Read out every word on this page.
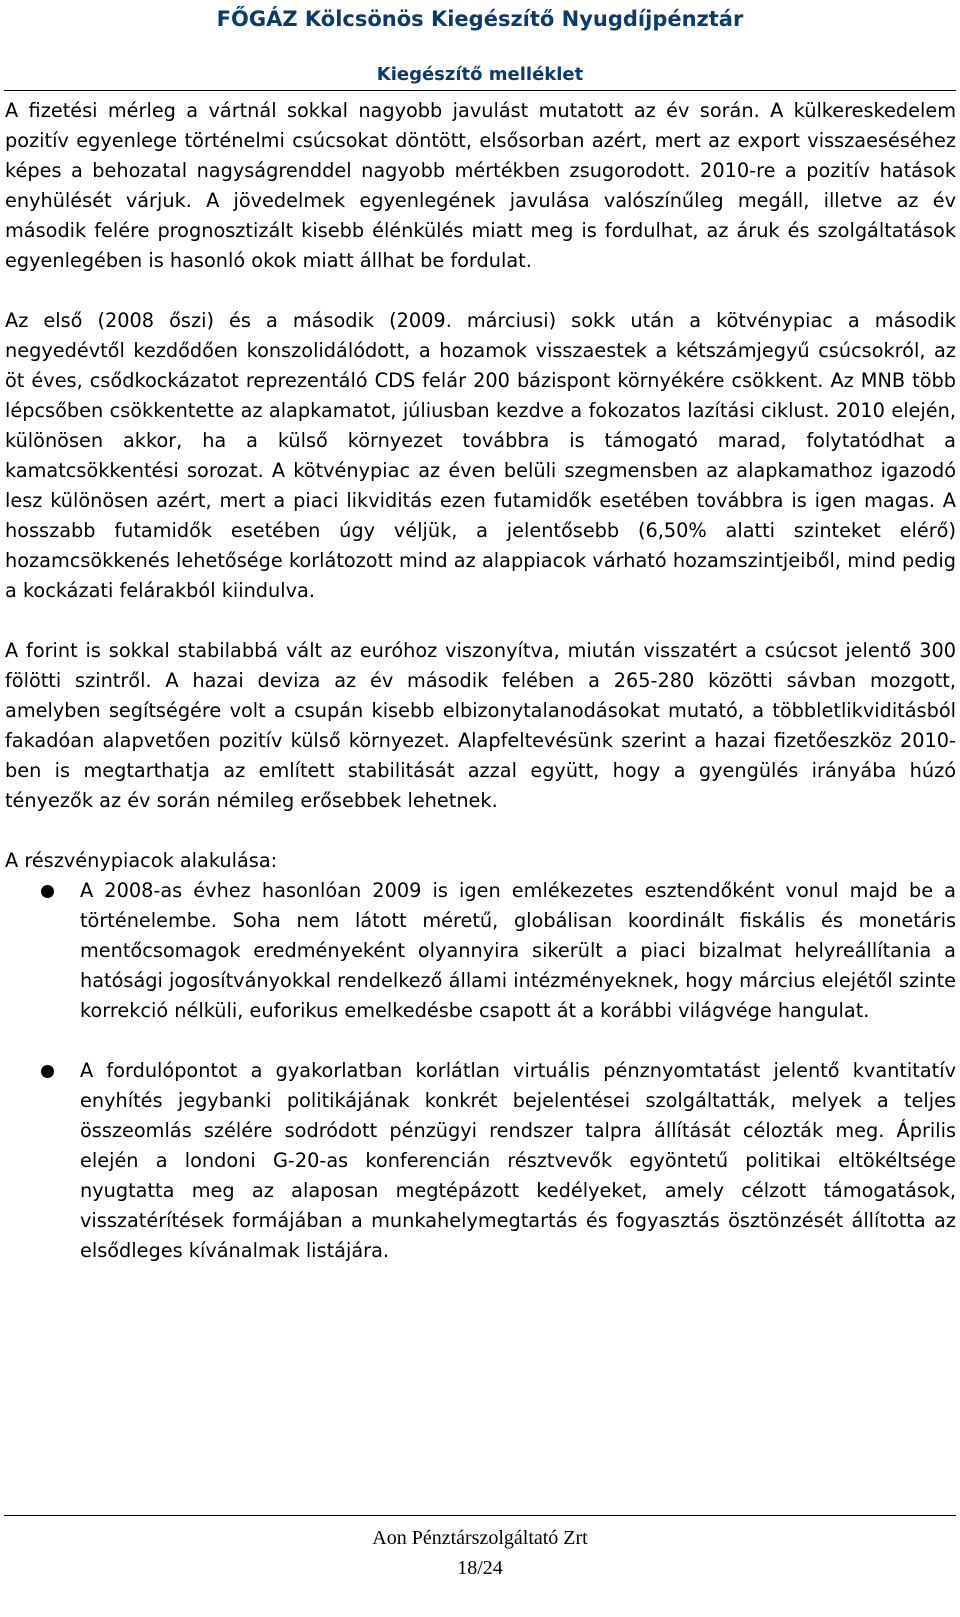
FŐGÁZ Kölcsönös Kiegészítő Nyugdíjpénztár
Kiegészítő melléklet

A fizetési mérleg a vártnál sokkal nagyobb javulást mutatott az év során. A külkereskedelem pozitív egyenlege történelmi csúcsokat döntött, elsősorban azért, mert az export visszaeséséhez képes a behozatal nagyságrenddel nagyobb mértékben zsugorodott. 2010-re a pozitív hatások enyhülését várjuk. A jövedelmek egyenlegének javulása valószínűleg megáll, illetve az év második felére prognosztizált kisebb élénkülés miatt meg is fordulhat, az áruk és szolgáltatások egyenlegében is hasonló okok miatt állhat be fordulat.

Az első (2008 őszi) és a második (2009. márciusi) sokk után a kötvénypiac a második negyedévtől kezdődően konszolidálódott, a hozamok visszaestek a kétszámjegyű csúcsokról, az öt éves, csődkockázatot reprezentáló CDS felár 200 bázispont környékére csökkent. Az MNB több lépcsőben csökkentette az alapkamatot, júliusban kezdve a fokozatos lazítási ciklust. 2010 elején, különösen akkor, ha a külső környezet továbbra is támogató marad, folytatódhat a kamatcsökkentési sorozat. A kötvénypiac az éven belüli szegmensben az alapkamathoz igazodó lesz különösen azért, mert a piaci likviditás ezen futamidők esetében továbbra is igen magas. A hosszabb futamidők esetében úgy véljük, a jelentősebb (6,50% alatti szinteket elérő) hozamcsökkenés lehetősége korlátozott mind az alappiacok várható hozamszintjeiből, mind pedig a kockázati felárakból kiindulva.

A forint is sokkal stabilabbá vált az euróhoz viszonyítva, miután visszatért a csúcsot jelentő 300 fölötti szintről. A hazai deviza az év második felében a 265-280 közötti sávban mozgott, amelyben segítségére volt a csupán kisebb elbizonytalanodásokat mutató, a többletlikviditásból fakadóan alapvetően pozitív külső környezet. Alapfeltevésünk szerint a hazai fizetőeszköz 2010-ben is megtarthatja az említett stabilitását azzal együtt, hogy a gyengülés irányába húzó tényezők az év során némileg erősebbek lehetnek.

A részvénypiacok alakulása:

A 2008-as évhez hasonlóan 2009 is igen emlékezetes esztendőként vonul majd be a történelembe. Soha nem látott méretű, globálisan koordinált fiskális és monetáris mentőcsomagok eredményeként olyannyira sikerült a piaci bizalmat helyreállítania a hatósági jogosítványokkal rendelkező állami intézményeknek, hogy március elejétől szinte korrekció nélküli, euforikus emelkedésbe csapott át a korábbi világvége hangulat.
A fordulópontot a gyakorlatban korlátlan virtuális pénznyomtatást jelentő kvantitatív enyhítés jegybanki politikájának konkrét bejelentései szolgáltatták, melyek a teljes összeomlás szélére sodródott pénzügyi rendszer talpra állítását célozták meg. Április elején a londoni G-20-as konferencián résztvevők egyöntetű politikai eltökéltsége nyugtatta meg az alaposan megtépázott kedélyeket, amely célzott támogatások, visszatérítések formájában a munkahelymegtartás és fogyasztás ösztönzését állította az elsődleges kívánalmak listájára.
Aon Pénztárszolgáltató Zrt
18/24
